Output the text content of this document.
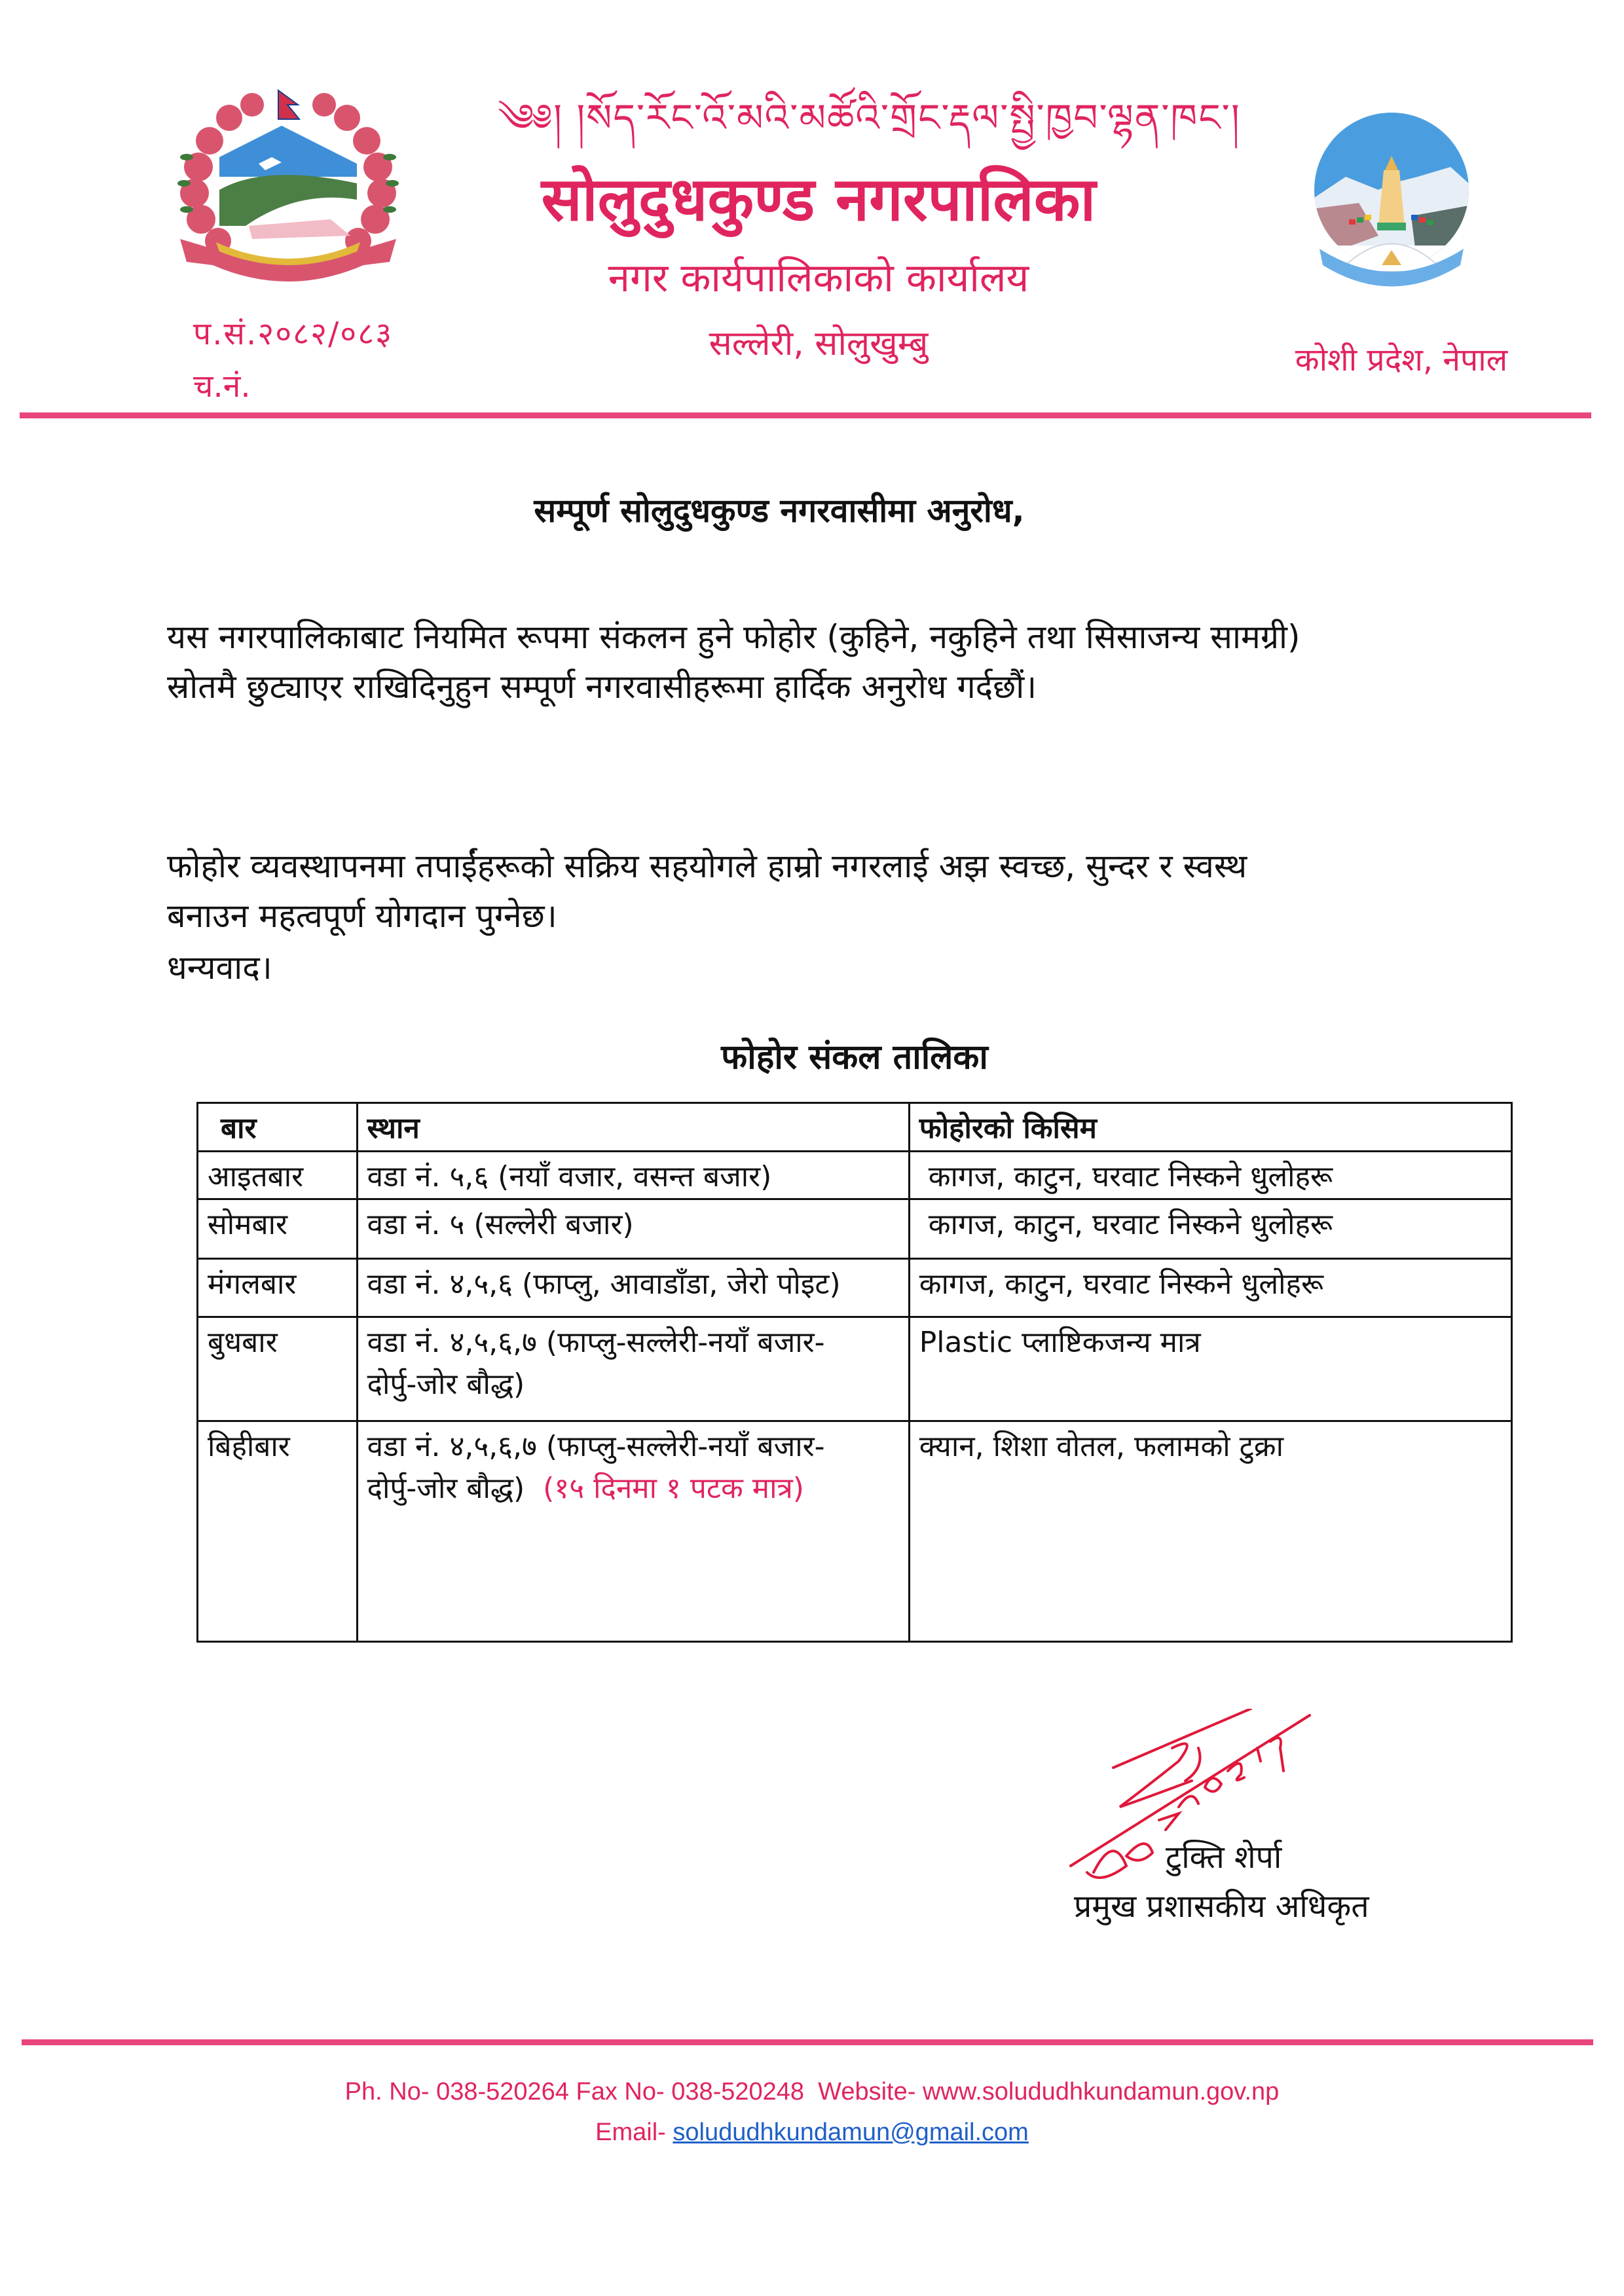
༄༅། །སོད་རོང་འོ་མའི་མཚོའི་གྲོང་རྡལ་སྤྱི་ཁྱབ་ལྷན་ཁང་།
सोलुदुधकुण्ड नगरपालिका
नगर कार्यपालिकाको कार्यालय
सल्लेरी, सोलुखुम्बु
प.सं.२०८२/०८३
च.नं.
कोशी प्रदेश, नेपाल
सम्पूर्ण सोलुदुधकुण्ड नगरवासीमा अनुरोध,
यस नगरपालिकाबाट नियमित रूपमा संकलन हुने फोहोर (कुहिने, नकुहिने तथा सिसाजन्य सामग्री)
स्रोतमै छुट्याएर राखिदिनुहुन सम्पूर्ण नगरवासीहरूमा हार्दिक अनुरोध गर्दछौं।
फोहोर व्यवस्थापनमा तपाईंहरूको सक्रिय सहयोगले हाम्रो नगरलाई अझ स्वच्छ, सुन्दर र स्वस्थ
बनाउन महत्वपूर्ण योगदान पुग्नेछ।
धन्यवाद।
फोहोर संकल तालिका
बार	स्थान	फोहोरको किसिम
आइतबार	वडा नं. ५,६ (नयाँ वजार, वसन्त बजार)	कागज, काटुन, घरवाट निस्कने धुलोहरू
सोमबार	वडा नं. ५ (सल्लेरी बजार)	कागज, काटुन, घरवाट निस्कने धुलोहरू
मंगलबार	वडा नं. ४,५,६ (फाप्लु, आवाडाँडा, जेरो पोइट)	कागज, काटुन, घरवाट निस्कने धुलोहरू
बुधबार	वडा नं. ४,५,६,७ (फाप्लु-सल्लेरी-नयाँ बजार-
दोर्पु-जोर बौद्ध)	Plastic प्लाष्टिकजन्य मात्र
बिहीबार	वडा नं. ४,५,६,७ (फाप्लु-सल्लेरी-नयाँ बजार-
दोर्पु-जोर बौद्ध) (१५ दिनमा १ पटक मात्र)	क्यान, शिशा वोतल, फलामको टुक्रा
टुक्ति शेर्पा
प्रमुख प्रशासकीय अधिकृत
Ph. No- 038-520264 Fax No- 038-520248 Website- www.solududhkundamun.gov.np
Email- solududhkundamun@gmail.com
